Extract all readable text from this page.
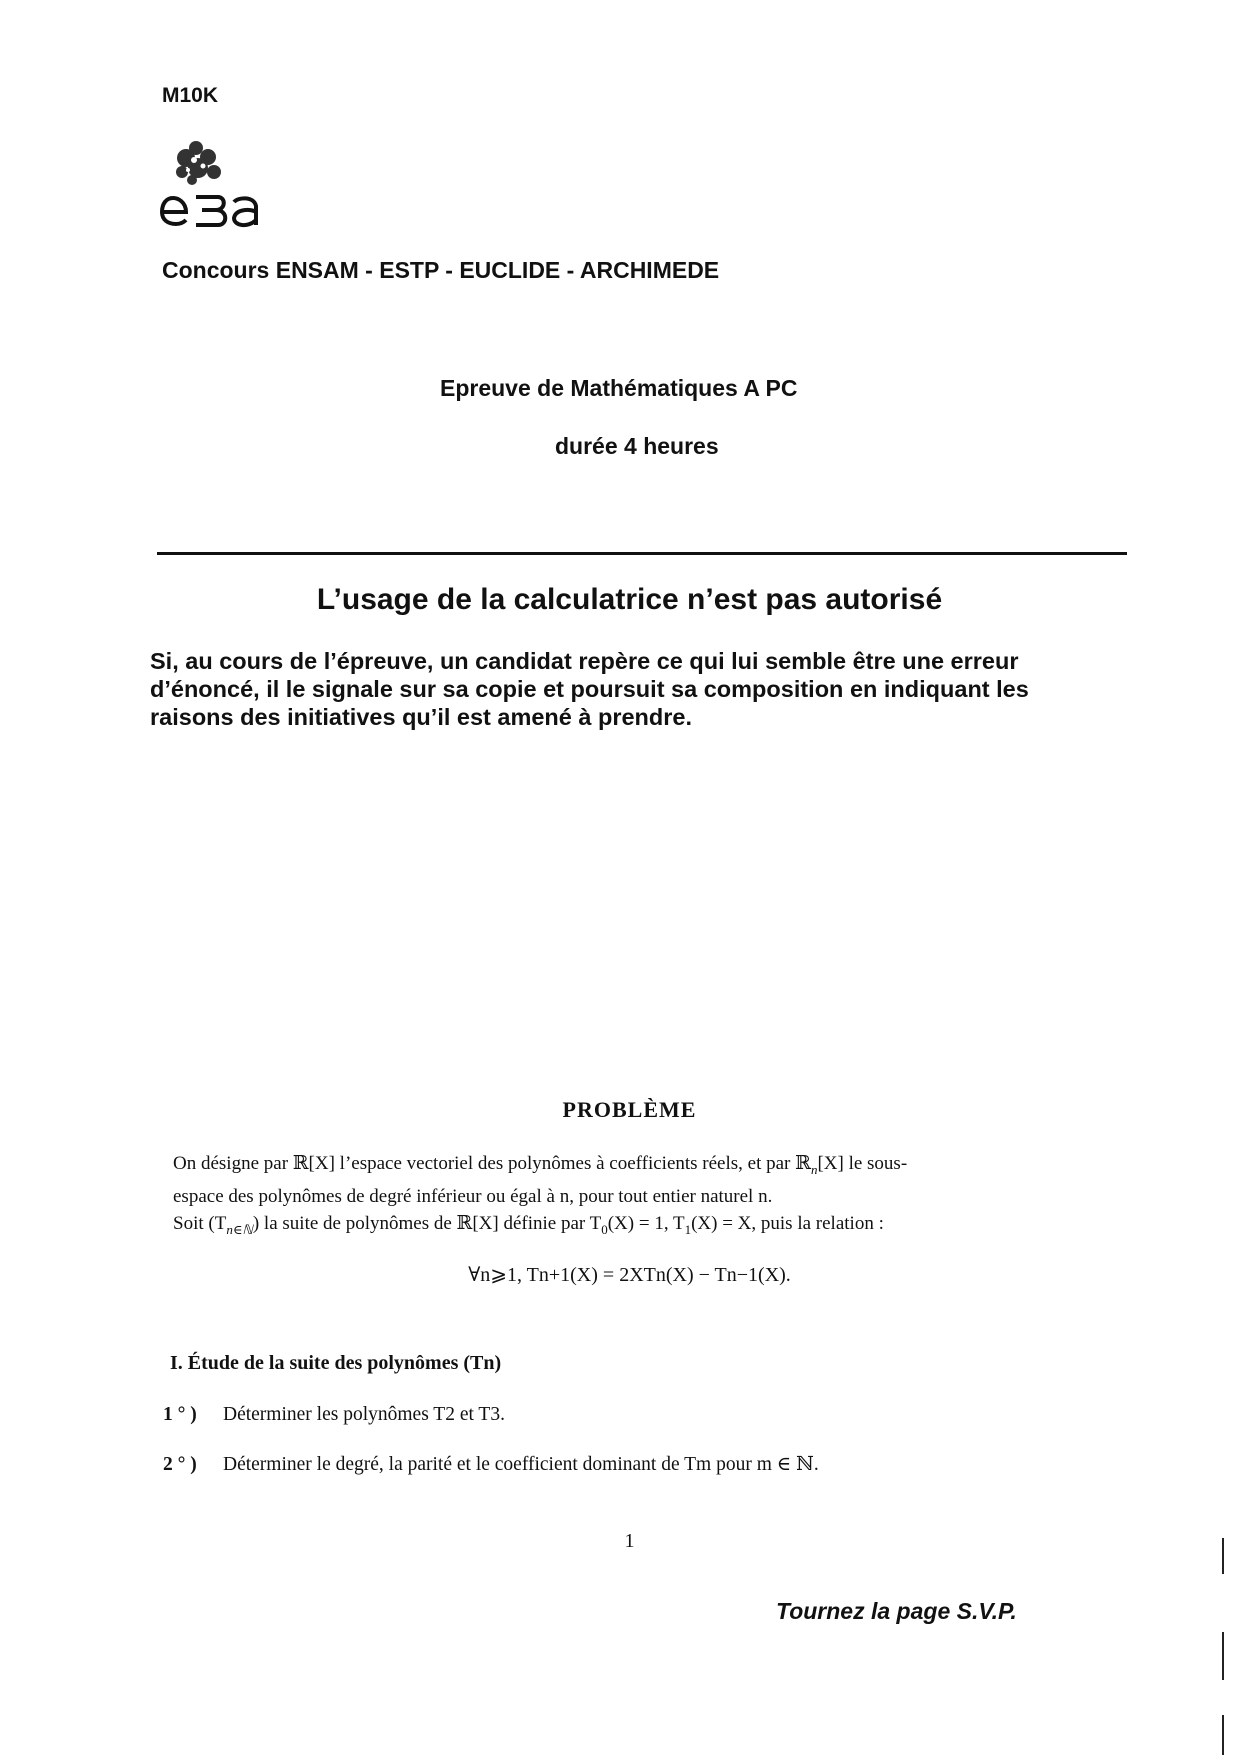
M10K
Concours ENSAM - ESTP - EUCLIDE - ARCHIMEDE
Epreuve de Mathématiques A PC
durée 4 heures
L’usage de la calculatrice n’est pas autorisé
Si, au cours de l’épreuve, un candidat repère ce qui lui semble être une erreur
d’énoncé, il le signale sur sa copie et poursuit sa composition en indiquant les
raisons des initiatives qu’il est amené à prendre.
PROBLÈME
On désigne par ℝ[X] l’espace vectoriel des polynômes à coefficients réels, et par ℝ$_n$[X] le sous-
espace des polynômes de degré inférieur ou égal à n, pour tout entier naturel n.
Soit $(T_{n\in ℕ})$ la suite de polynômes de ℝ[X] définie par $T_0(X) = 1$, $T_1(X) = X$, puis la relation :
∀n⩾1, Tn+1(X) = 2XTn(X) − Tn−1(X).
I. Étude de la suite des polynômes (Tn)
1 ° ) Déterminer les polynômes T2 et T3.
2 ° ) Déterminer le degré, la parité et le coefficient dominant de Tm pour m ∈ ℕ.
1
Tournez la page S.V.P.
